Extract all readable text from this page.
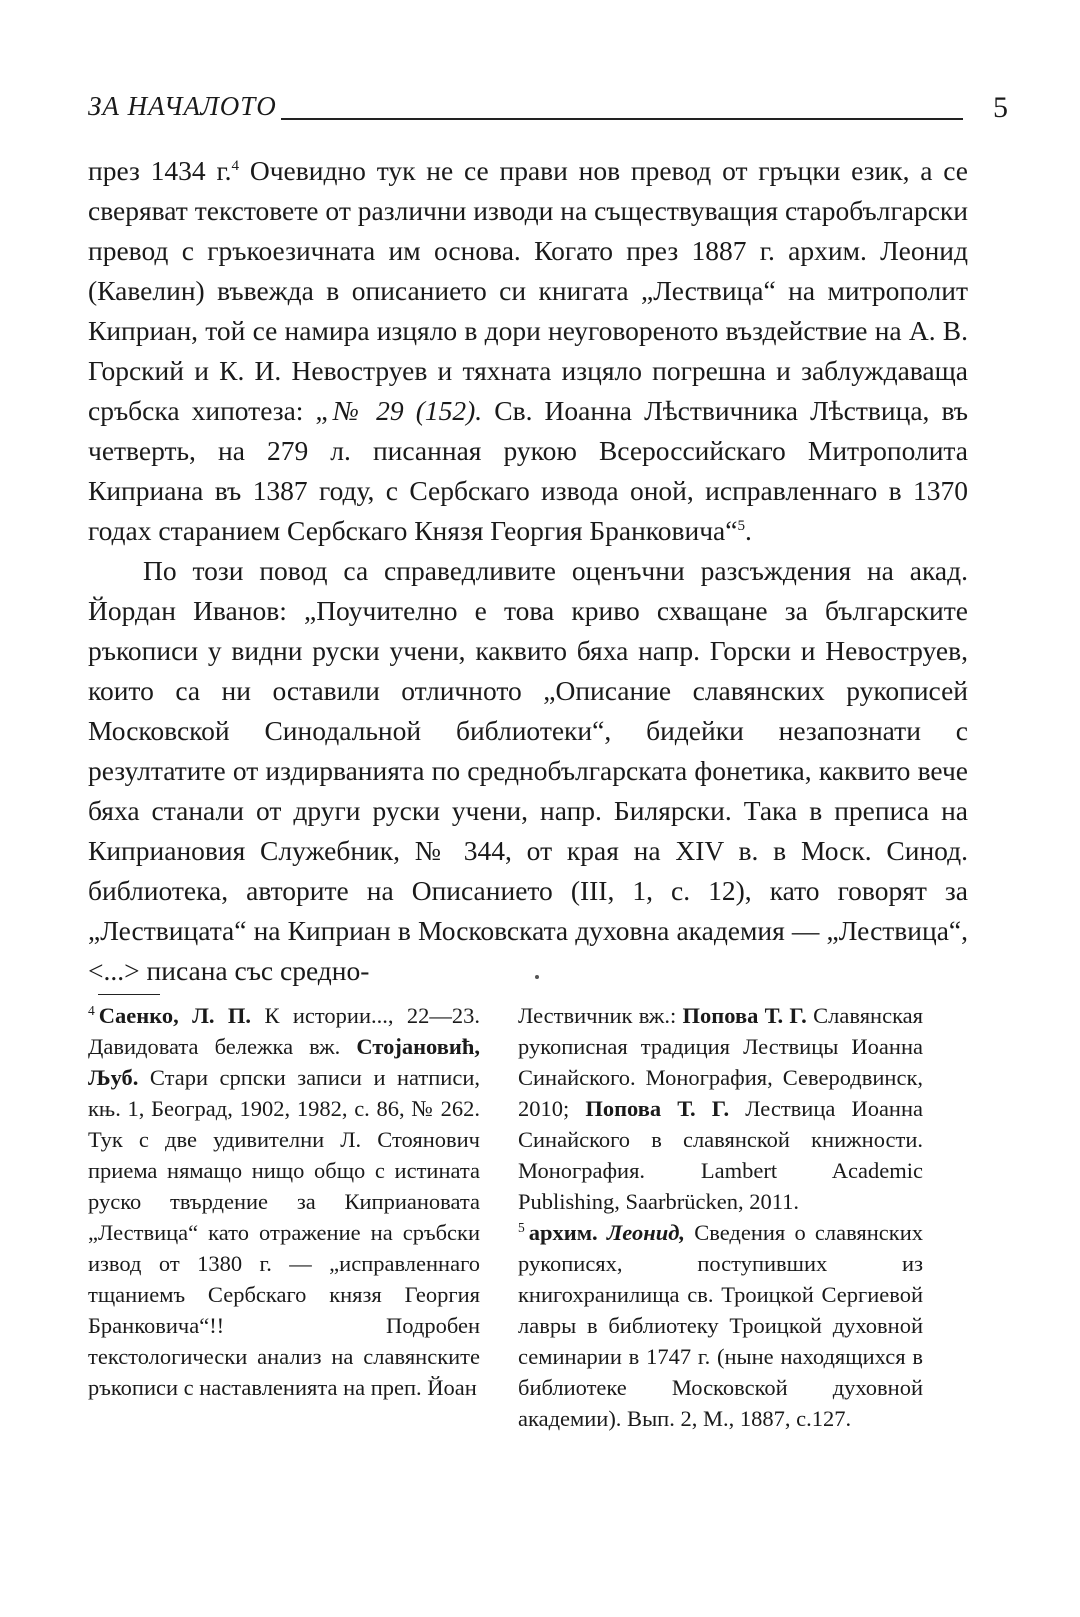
ЗА НАЧАЛОТО	5

през 1434 г.$^4$ Очевидно тук не се прави нов превод от гръцки език, а се сверяват текстовете от различни изводи на съществуващия старобългарски превод с гръкоезичната им основа. Когато през 1887 г. архим. Леонид (Кавелин) въвежда в описанието си книгата „Лествица“ на митрополит Киприан, той се намира изцяло в дори неуговореното въздействие на А. В. Горский и К. И. Невоструев и тяхната изцяло погрешна и заблуждаваща сръбска хипотеза: „№ 29 (152). Св. Иоанна Лѣствичника Лѣствица, въ четверть, на 279 л. писанная рукою Всероссийскаго Митрополита Киприана въ 1387 году, с Сербскаго извода оной, исправленнаго в 1370 годах старанием Сербскаго Князя Георгия Бранковича“$^5$.

По този повод са справедливите оценъчни разсъждения на акад. Йордан Иванов: „Поучително е това криво схващане за българските ръкописи у видни руски учени, каквито бяха напр. Горски и Невоструев, които са ни оставили отличното „Описание славянских рукописей Московской Синодальной библиотеки“, бидейки незапознати с резултатите от издирванията по среднобългарската фонетика, каквито вече бяха станали от други руски учени, напр. Билярски. Така в преписа на Киприановия Служебник, № 344, от края на XIV в. в Моск. Синод. библиотека, авторите на Описанието (III, 1, с. 12), като говорят за „Лествицата“ на Киприан в Московската духовна академия — „Лествица“, <...> писана със средно-

$^4$ Саенко, Л. П. К истории..., 22—23. Давидовата бележка вж. Стојановић, Љуб. Стари српски записи и натписи, књ. 1, Београд, 1902, 1982, с. 86, № 262. Тук с две удивителни Л. Стоянович приема нямащо нищо общо с истината руско твърдение за Киприановата „Лествица“ като отражение на сръбски извод от 1380 г. — „исправленнаго тщаниемъ Сербскаго князя Георгия Бранковича“!! Подробен текстологически анализ на славянските ръкописи с наставленията на преп. Йоан

Лествичник вж.: Попова Т. Г. Славянская рукописная традиция Лествицы Иоанна Синайского. Монография, Северодвинск, 2010; Попова Т. Г. Лествица Иоанна Синайского в славянской книжности. Монография. Lambert Academic Publishing, Saarbrücken, 2011.

$^5$ архим. Леонид, Сведения о славянских рукописях, поступивших из книгохранилища св. Троицкой Сергиевой лавры в библиотеку Троицкой духовной семинарии в 1747 г. (ныне находящихся в библиотеке Московской духовной академии). Вып. 2, М., 1887, с.127.
